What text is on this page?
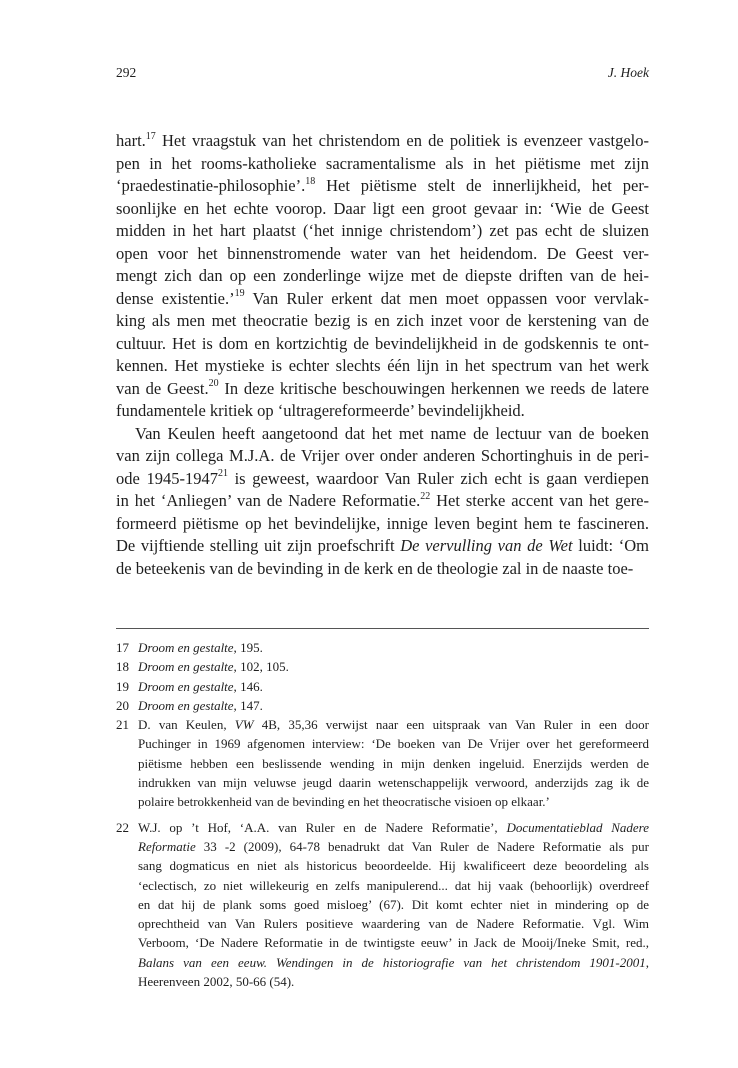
292	J. Hoek
hart.$^{17}$ Het vraagstuk van het christendom en de politiek is evenzeer vastgelo-
pen in het rooms-katholieke sacramentalisme als in het piëtisme met zijn
‘praedestinatie-philosophie’.$^{18}$ Het piëtisme stelt de innerlijkheid, het per-
soonlijke en het echte voorop. Daar ligt een groot gevaar in: ‘Wie de Geest
midden in het hart plaatst (‘het innige christendom’) zet pas echt de sluizen
open voor het binnenstromende water van het heidendom. De Geest ver-
mengt zich dan op een zonderlinge wijze met de diepste driften van de hei-
dense existentie.’$^{19}$ Van Ruler erkent dat men moet oppassen voor vervlak-
king als men met theocratie bezig is en zich inzet voor de kerstening van de
cultuur. Het is dom en kortzichtig de bevindelijkheid in de godskennis te ont-
kennen. Het mystieke is echter slechts één lijn in het spectrum van het werk
van de Geest.$^{20}$ In deze kritische beschouwingen herkennen we reeds de latere
fundamentele kritiek op ‘ultragereformeerde’ bevindelijkheid.
Van Keulen heeft aangetoond dat het met name de lectuur van de boeken
van zijn collega M.J.A. de Vrijer over onder anderen Schortinghuis in de peri-
ode 1945-1947$^{21}$ is geweest, waardoor Van Ruler zich echt is gaan verdiepen
in het ‘Anliegen’ van de Nadere Reformatie.$^{22}$ Het sterke accent van het gere-
formeerd piëtisme op het bevindelijke, innige leven begint hem te fascineren.
De vijftiende stelling uit zijn proefschrift De vervulling van de Wet luidt: ‘Om
de beteekenis van de bevinding in de kerk en de theologie zal in de naaste toe-
17 Droom en gestalte, 195.
18 Droom en gestalte, 102, 105.
19 Droom en gestalte, 146.
20 Droom en gestalte, 147.
21 D. van Keulen, VW 4B, 35,36 verwijst naar een uitspraak van Van Ruler in een door
Puchinger in 1969 afgenomen interview: ‘De boeken van De Vrijer over het gereformeerd
piëtisme hebben een beslissende wending in mijn denken ingeluid. Enerzijds werden de
indrukken van mijn veluwse jeugd daarin wetenschappelijk verwoord, anderzijds zag ik de
polaire betrokkenheid van de bevinding en het theocratische visioen op elkaar.’
22 W.J. op ’t Hof, ‘A.A. van Ruler en de Nadere Reformatie’, Documentatieblad Nadere
Reformatie 33 -2 (2009), 64-78 benadrukt dat Van Ruler de Nadere Reformatie als pur
sang dogmaticus en niet als historicus beoordeelde. Hij kwalificeert deze beoordeling als
‘eclectisch, zo niet willekeurig en zelfs manipulerend... dat hij vaak (behoorlijk) overdreef
en dat hij de plank soms goed misloeg’ (67). Dit komt echter niet in mindering op de
oprechtheid van Van Rulers positieve waardering van de Nadere Reformatie. Vgl. Wim
Verboom, ‘De Nadere Reformatie in de twintigste eeuw’ in Jack de Mooij/Ineke Smit, red.,
Balans van een eeuw. Wendingen in de historiografie van het christendom 1901-2001,
Heerenveen 2002, 50-66 (54).
